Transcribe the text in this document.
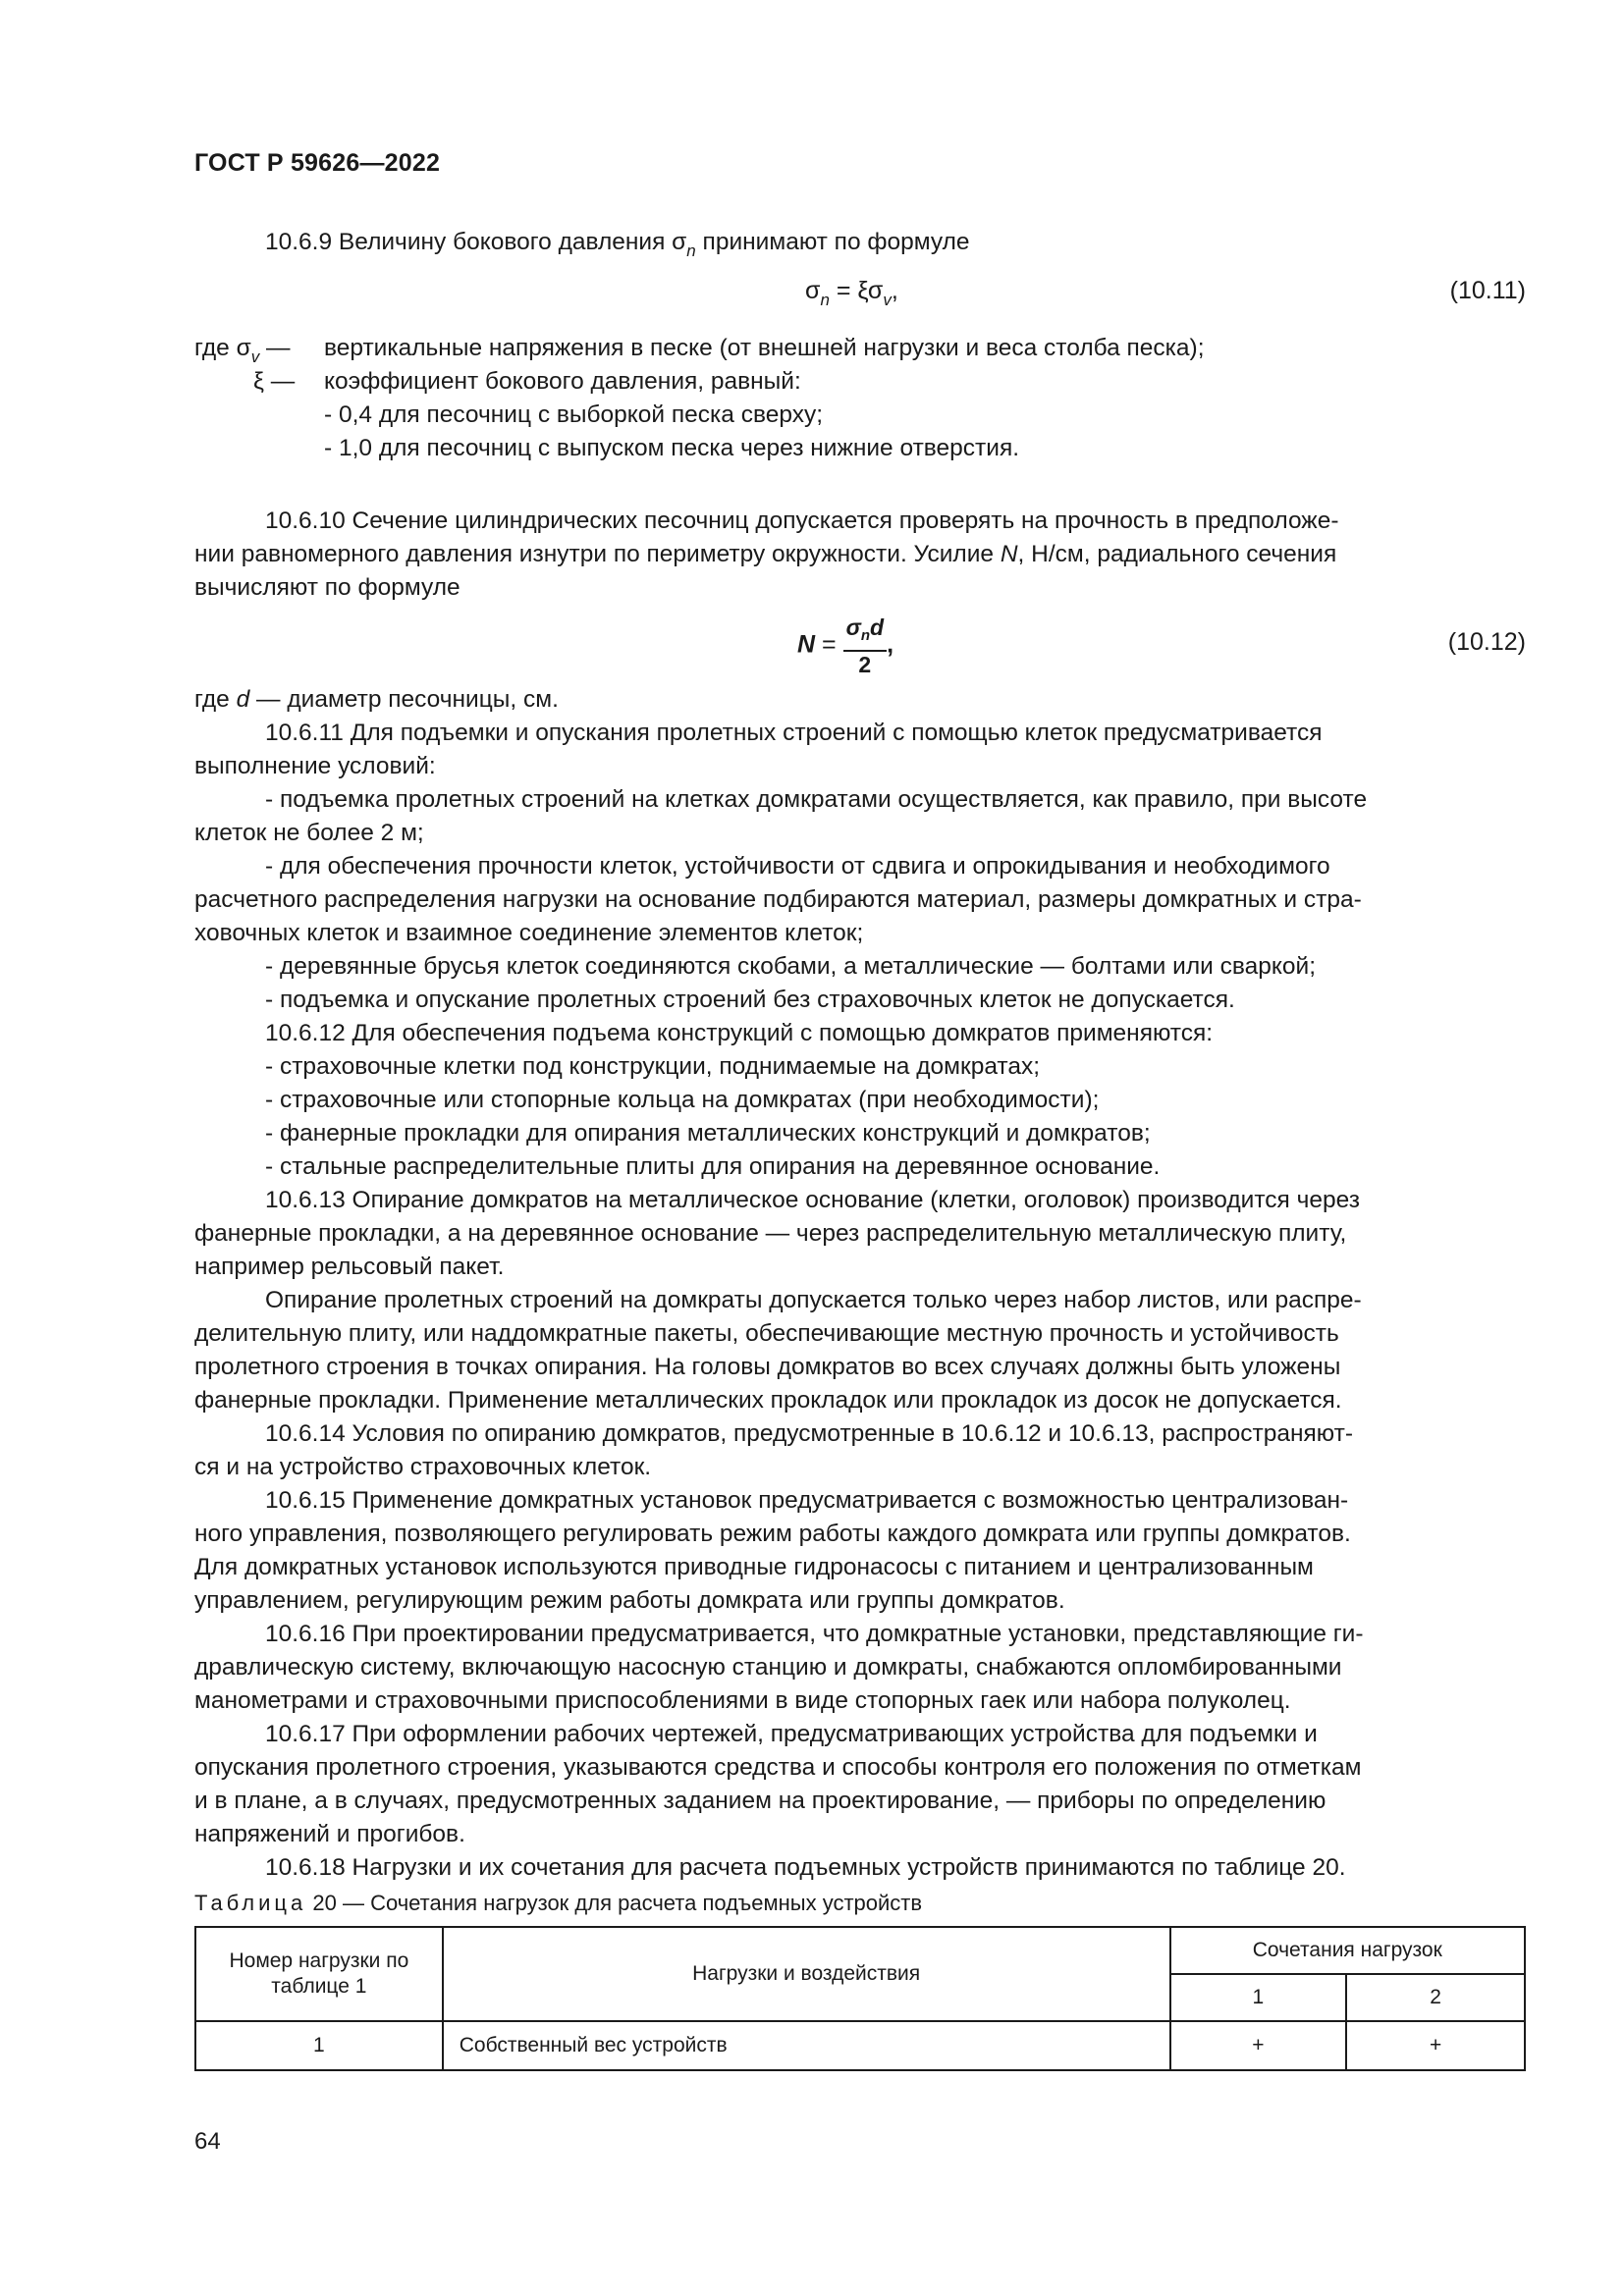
ГОСТ Р 59626—2022
10.6.9 Величину бокового давления $\sigma_n$ принимают по формуле
$\sigma_n = \xi\sigma_v$,	(10.11)
где $\sigma_v$ — вертикальные напряжения в песке (от внешней нагрузки и веса столба песка);
ξ — коэффициент бокового давления, равный:
- 0,4 для песочниц с выборкой песка сверху;
- 1,0 для песочниц с выпуском песка через нижние отверстия.
10.6.10 Сечение цилиндрических песочниц допускается проверять на прочность в предположе-
нии равномерного давления изнутри по периметру окружности. Усилие N, Н/см, радиального сечения
вычисляют по формуле
$N = \frac{\sigma_nd}{2}$ ,	(10.12)
где d — диаметр песочницы, см.
10.6.11 Для подъемки и опускания пролетных строений с помощью клеток предусматривается
выполнение условий:
- подъемка пролетных строений на клетках домкратами осуществляется, как правило, при высоте
клеток не более 2 м;
- для обеспечения прочности клеток, устойчивости от сдвига и опрокидывания и необходимого
расчетного распределения нагрузки на основание подбираются материал, размеры домкратных и стра-
ховочных клеток и взаимное соединение элементов клеток;
- деревянные брусья клеток соединяются скобами, а металлические — болтами или сваркой;
- подъемка и опускание пролетных строений без страховочных клеток не допускается.
10.6.12 Для обеспечения подъема конструкций с помощью домкратов применяются:
- страховочные клетки под конструкции, поднимаемые на домкратах;
- страховочные или стопорные кольца на домкратах (при необходимости);
- фанерные прокладки для опирания металлических конструкций и домкратов;
- стальные распределительные плиты для опирания на деревянное основание.
10.6.13 Опирание домкратов на металлическое основание (клетки, оголовок) производится через
фанерные прокладки, а на деревянное основание — через распределительную металлическую плиту,
например рельсовый пакет.
Опирание пролетных строений на домкраты допускается только через набор листов, или распре-
делительную плиту, или наддомкратные пакеты, обеспечивающие местную прочность и устойчивость
пролетного строения в точках опирания. На головы домкратов во всех случаях должны быть уложены
фанерные прокладки. Применение металлических прокладок или прокладок из досок не допускается.
10.6.14 Условия по опиранию домкратов, предусмотренные в 10.6.12 и 10.6.13, распространяют-
ся и на устройство страховочных клеток.
10.6.15 Применение домкратных установок предусматривается с возможностью централизован-
ного управления, позволяющего регулировать режим работы каждого домкрата или группы домкратов.
Для домкратных установок используются приводные гидронасосы с питанием и централизованным
управлением, регулирующим режим работы домкрата или группы домкратов.
10.6.16 При проектировании предусматривается, что домкратные установки, представляющие ги-
дравлическую систему, включающую насосную станцию и домкраты, снабжаются опломбированными
манометрами и страховочными приспособлениями в виде стопорных гаек или набора полуколец.
10.6.17 При оформлении рабочих чертежей, предусматривающих устройства для подъемки и
опускания пролетного строения, указываются средства и способы контроля его положения по отметкам
и в плане, а в случаях, предусмотренных заданием на проектирование, — приборы по определению
напряжений и прогибов.
10.6.18 Нагрузки и их сочетания для расчета подъемных устройств принимаются по таблице 20.
Таблица 20 — Сочетания нагрузок для расчета подъемных устройств
Номер нагрузки по таблице 1	Нагрузки и воздействия	Сочетания нагрузок	
		1	2
1	Собственный вес устройств	+	+
64
